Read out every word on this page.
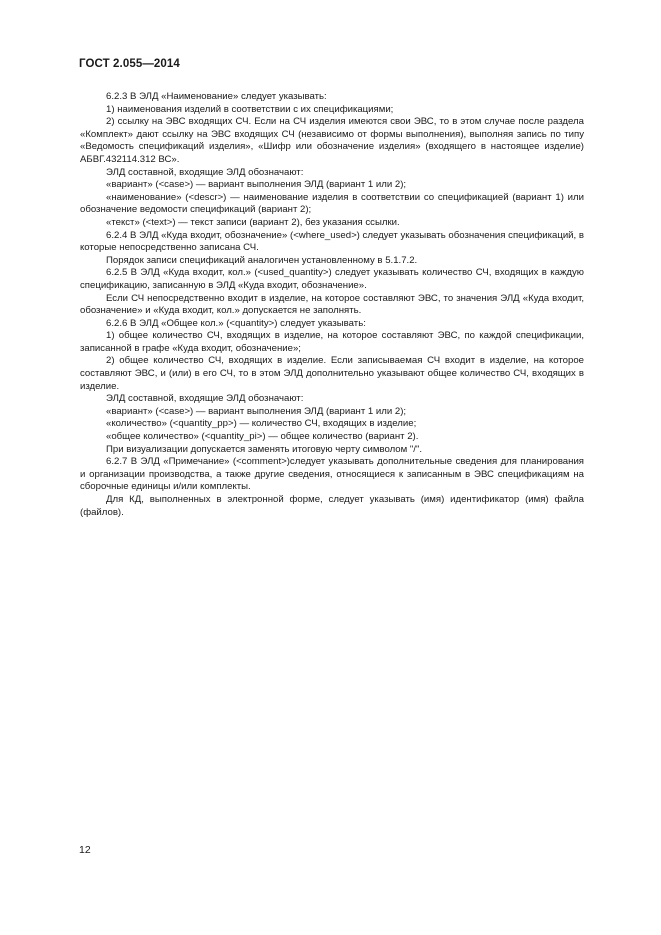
ГОСТ 2.055—2014

6.2.3 В ЭЛД «Наименование» следует указывать:

1) наименования изделий в соответствии с их спецификациями;

2) ссылку на ЭВС входящих СЧ. Если на СЧ изделия имеются свои ЭВС, то в этом случае после раздела «Комплект» дают ссылку на ЭВС входящих СЧ (независимо от формы выполнения), выполняя запись по типу «Ведомость спецификаций изделия», «Шифр или обозначение изделия» (входящего в настоящее изделие) АБВГ.432114.312 ВС».

ЭЛД составной, входящие ЭЛД обозначают:

«вариант» (<case>) — вариант выполнения ЭЛД (вариант 1 или 2);

«наименование» (<descr>) — наименование изделия в соответствии со спецификацией (вариант 1) или обозначение ведомости спецификаций (вариант 2);

«текст» (<text>) — текст записи (вариант 2), без указания ссылки.

6.2.4 В ЭЛД «Куда входит, обозначение» (<where_used>) следует указывать обозначения спецификаций, в которые непосредственно записана СЧ.

Порядок записи спецификаций аналогичен установленному в 5.1.7.2.

6.2.5 В ЭЛД «Куда входит, кол.» (<used_quantity>) следует указывать количество СЧ, входящих в каждую спецификацию, записанную в ЭЛД «Куда входит, обозначение».

Если СЧ непосредственно входит в изделие, на которое составляют ЭВС, то значения ЭЛД «Куда входит, обозначение» и «Куда входит, кол.» допускается не заполнять.

6.2.6 В ЭЛД «Общее кол.» (<quantity>) следует указывать:

1) общее количество СЧ, входящих в изделие, на которое составляют ЭВС, по каждой спецификации, записанной в графе «Куда входит, обозначение»;

2) общее количество СЧ, входящих в изделие. Если записываемая СЧ входит в изделие, на которое составляют ЭВС, и (или) в его СЧ, то в этом ЭЛД дополнительно указывают общее количество СЧ, входящих в изделие.

ЭЛД составной, входящие ЭЛД обозначают:

«вариант» (<case>) — вариант выполнения ЭЛД (вариант 1 или 2);

«количество» (<quantity_pp>) — количество СЧ, входящих в изделие;

«общее количество» (<quantity_pi>) — общее количество (вариант 2).

При визуализации допускается заменять итоговую черту символом "/".

6.2.7 В ЭЛД «Примечание» (<comment>)следует указывать дополнительные сведения для планирования и организации производства, а также другие сведения, относящиеся к записанным в ЭВС спецификациям на сборочные единицы и/или комплекты.

Для КД, выполненных в электронной форме, следует указывать (имя) идентификатор (имя) файла (файлов).

12
